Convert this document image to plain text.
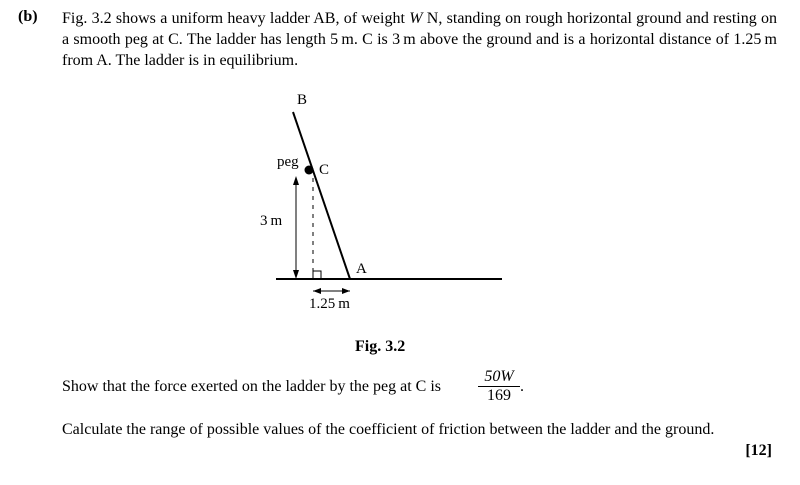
(b) Fig. 3.2 shows a uniform heavy ladder AB, of weight W N, standing on rough horizontal ground and resting on a smooth peg at C. The ladder has length 5 m. C is 3 m above the ground and is a horizontal distance of 1.25 m from A. The ladder is in equilibrium.
B
peg C
3 m
A
1.25 m
Fig. 3.2
Show that the force exerted on the ladder by the peg at C is $\frac{50W}{169}$ .
Calculate the range of possible values of the coefficient of friction between the ladder and the ground.
[12]
